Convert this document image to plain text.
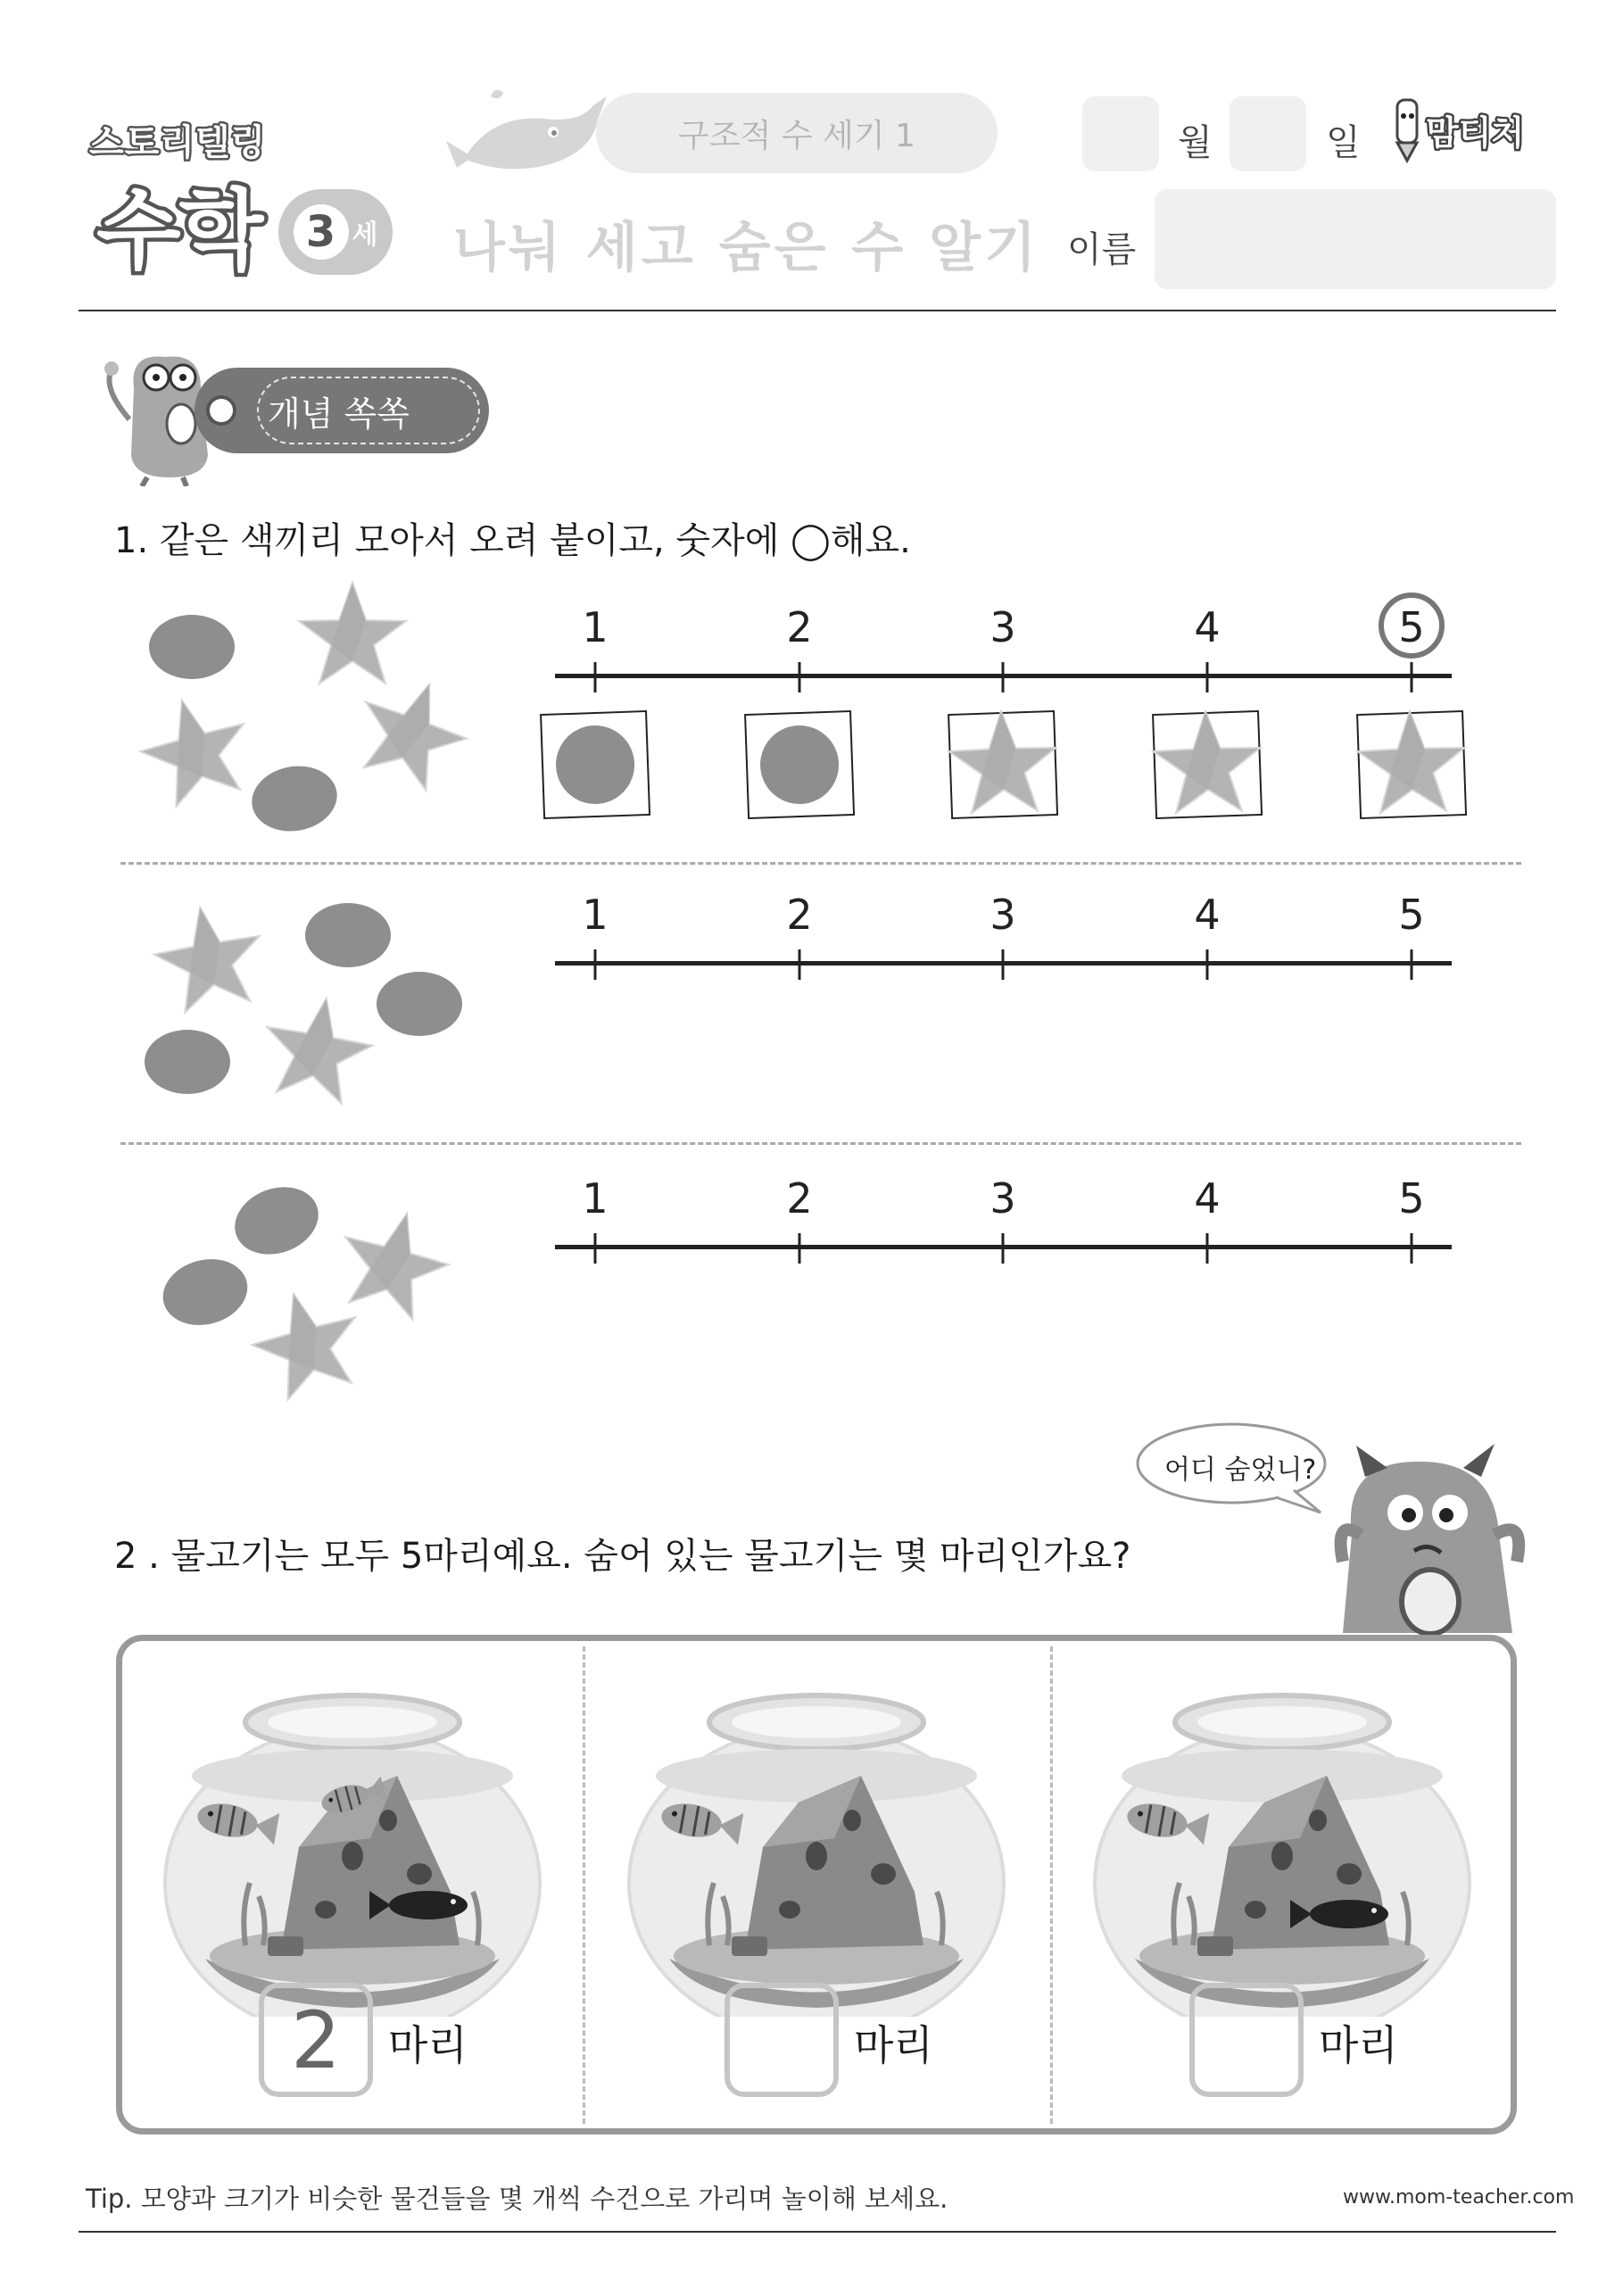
스토리텔링
수학 3 세
구조적 수 세기 1
나눠 세고 숨은 수 알기
월	일 맘티처
이름
개념 쏙쏙
1. 같은 색끼리 모아서 오려 붙이고, 숫자에 ◯해요.
1	2	3	4	5
1	2	3	4	5
1	2	3	4	5
어디 숨었니?
2 . 물고기는 모두 5마리예요. 숨어 있는 물고기는 몇 마리인가요?
2	마리	마리	마리
Tip. 모양과 크기가 비슷한 물건들을 몇 개씩 수건으로 가리며 놀이해 보세요.	www.mom-teacher.com
